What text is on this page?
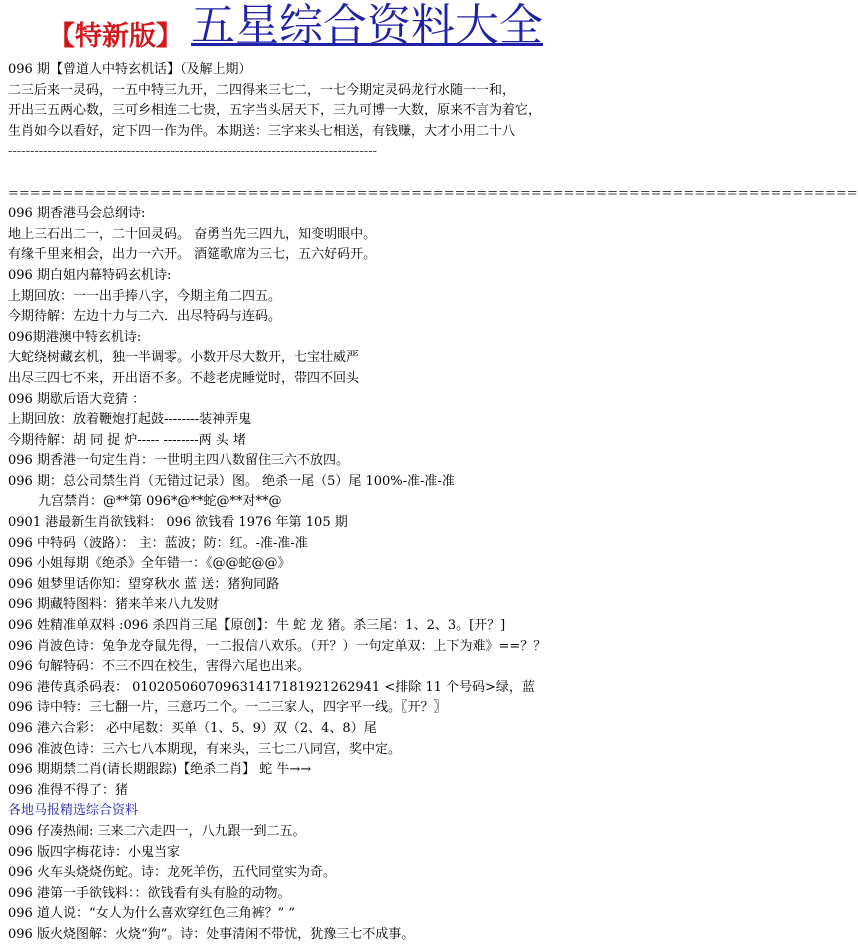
【特新版】 五星综合资料大全
096 期【曾道人中特玄机话】（及解上期）
二三后来一灵码，一五中特三九开，二四得来三七二，一七今期定灵码龙行水随一一和，
开出三五两心数，三可乡相连二七贵，五字当头居天下，三九可博一大数，原来不言为着它，
生肖如今以看好，定下四一作为伴。本期送：三字来头七相送，有钱赚，大才小用二十八
------------------------------------------------------------------------------------
==============================================================================
096 期香港马会总纲诗:
地上三石出二一，二十回灵码。 奋勇当先三四九，知变明眼中。
有缘千里来相会，出力一六开。 酒筵歌席为三七，五六好码开。
096 期白姐内幕特码玄机诗:
上期回放：一一出手捧八字，今期主角二四五。
今期待解：左边十力与二六．出尽特码与连码。
096期港澳中特玄机诗:
大蛇绕树藏玄机，独一半调零。小数开尽大数开，七宝壮威严
出尽三四七不来，开出语不多。不趁老虎睡觉时，带四不回头
096 期歇后语大竞猜 ：
上期回放：放着鞭炮打起鼓--------装神弄鬼
今期待解：胡 同 捉 炉----- --------两 头 堵
096 期香港一句定生肖：一世明主四八数留住三六不放四。
096 期：总公司禁生肖（无错过记录）图。 绝杀一尾（5）尾 100%-准-准-准
九宫禁肖：@**第 096*@**蛇@**对**@
0901 港最新生肖欲钱料： 096 欲钱看 1976 年第 105 期
096 中特码（波路）： 主：蓝波；防：红。-准-准-准
096 小姐每期《绝杀》全年错一：《@@蛇@@》
096 姐梦里话你知：望穿秋水 蓝 送：猪狗同路
096 期藏特图料：猪来羊来八九发财
096 姓精准单双料 :096 杀四肖三尾【原创】：牛 蛇 龙 猪。杀三尾：1、2、3。[开？]
096 肖波色诗：兔争龙夺鼠先得，一二报信八欢乐。（开？）一句定单双：上下为难》==？？
096 句解特码：不三不四在校生，害得六尾也出来。
096 港传真杀码表： 010205060709631417181921262941 <排除 11 个号码>绿，蓝
096 诗中特：三七翻一片，三意巧二个。一二三家人，四字平一线。〖开？〗
096 港六合彩： 必中尾数：买单（1、5、9）双（2、4、8）尾
096 准波色诗：三六七八本期现，有来头，三七二八同宫，奖中定。
096 期期禁二肖(请长期跟踪)【绝杀二肖】 蛇 牛→→
096 准得不得了：猪
各地马报精选综合资料
096 仔凑热闹: 三来二六走四一，八九跟一到二五。
096 版四字梅花诗：小鬼当家
096 火车头烧烧伤蛇。诗：龙死羊伤，五代同堂实为奇。
096 港第一手欲钱料：：欲钱看有头有脸的动物。
096 道人说：“女人为什么喜欢穿红色三角裤？” ”
096 版火烧图解：火烧“狗”。诗：处事清闲不带忧，犹豫三七不成事。
